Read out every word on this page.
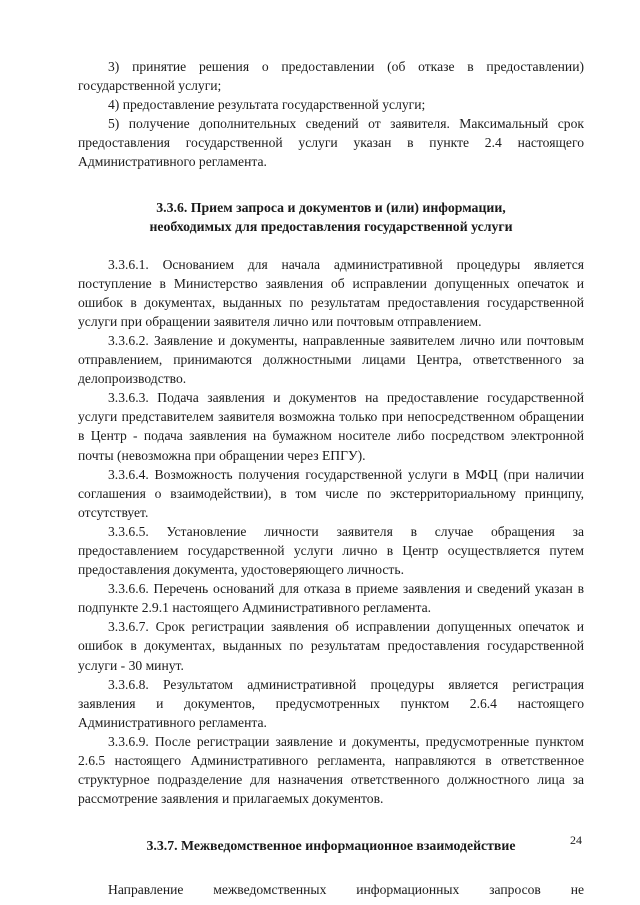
3) принятие решения о предоставлении (об отказе в предоставлении) государственной услуги;

4) предоставление результата государственной услуги;

5) получение дополнительных сведений от заявителя. Максимальный срок предоставления государственной услуги указан в пункте 2.4 настоящего Административного регламента.

3.3.6. Прием запроса и документов и (или) информации,

необходимых для предоставления государственной услуги

3.3.6.1. Основанием для начала административной процедуры является поступление в Министерство заявления об исправлении допущенных опечаток и ошибок в документах, выданных по результатам предоставления государственной услуги при обращении заявителя лично или почтовым отправлением.

3.3.6.2. Заявление и документы, направленные заявителем лично или почтовым отправлением, принимаются должностными лицами Центра, ответственного за делопроизводство.

3.3.6.3. Подача заявления и документов на предоставление государственной услуги представителем заявителя возможна только при непосредственном обращении в Центр - подача заявления на бумажном носителе либо посредством электронной почты (невозможна при обращении через ЕПГУ).

3.3.6.4. Возможность получения государственной услуги в МФЦ (при наличии соглашения о взаимодействии), в том числе по экстерриториальному принципу, отсутствует.

3.3.6.5. Установление личности заявителя в случае обращения за предоставлением государственной услуги лично в Центр осуществляется путем предоставления документа, удостоверяющего личность.

3.3.6.6. Перечень оснований для отказа в приеме заявления и сведений указан в подпункте 2.9.1 настоящего Административного регламента.

3.3.6.7. Срок регистрации заявления об исправлении допущенных опечаток и ошибок в документах, выданных по результатам предоставления государственной услуги - 30 минут.

3.3.6.8. Результатом административной процедуры является регистрация заявления и документов, предусмотренных пунктом 2.6.4 настоящего Административного регламента.

3.3.6.9. После регистрации заявление и документы, предусмотренные пунктом 2.6.5 настоящего Административного регламента, направляются в ответственное структурное подразделение для назначения ответственного должностного лица за рассмотрение заявления и прилагаемых документов.

3.3.7. Межведомственное информационное взаимодействие

Направление межведомственных информационных запросов не

24
